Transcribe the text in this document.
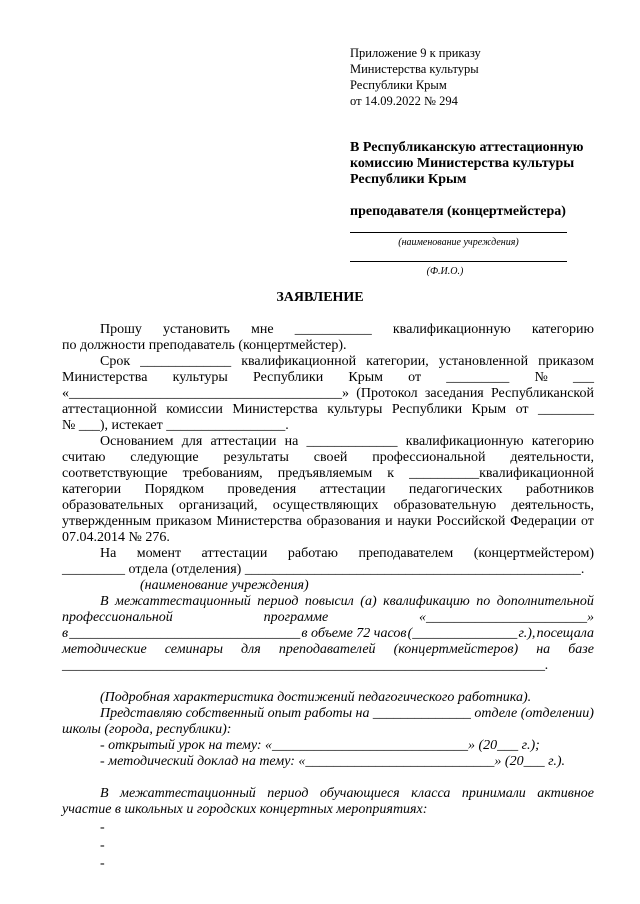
Приложение 9 к приказу
Министерства культуры
Республики Крым
от 14.09.2022 № 294
В Республиканскую аттестационную
комиссию Министерства культуры
Республики Крым
преподавателя (концертмейстера)
(наименование учреждения)
(Ф.И.О.)
ЗАЯВЛЕНИЕ
Прошу установить мне ___________ квалификационную категорию
по должности преподаватель (концертмейстер).
Срок _____________ квалификационной категории, установленной приказом
Министерства культуры Республики Крым от _________ № ___
«_______________________________________» (Протокол заседания Республиканской
аттестационной комиссии Министерства культуры Республики Крым от ________
№ ___), истекает _________________.
Основанием для аттестации на _____________ квалификационную категорию
считаю следующие результаты своей профессиональной деятельности,
соответствующие требованиям, предъявляемым к __________квалификационной
категории Порядком проведения аттестации педагогических работников
образовательных организаций, осуществляющих образовательную деятельность,
утвержденным приказом Министерства образования и науки Российской Федерации от
07.04.2014 № 276.
На момент аттестации работаю преподавателем (концертмейстером)
_________ отдела (отделения) ________________________________________________.
(наименование учреждения)
В межаттестационный период повысил (а) квалификацию по дополнительной
профессиональной	программе	«_______________________»
в _________________________________ в объеме 72 часов (_______________ г.), посещала
методические семинары для преподавателей (концертмейстеров) на базе
_____________________________________________________________________.
(Подробная характеристика достижений педагогического работника).
Представляю собственный опыт работы на ______________ отделе (отделении)
школы (города, республики):
- открытый урок на тему: «____________________________» (20___ г.);
- методический доклад на тему: «___________________________» (20___ г.).
В межаттестационный период обучающиеся класса принимали активное
участие в школьных и городских концертных мероприятиях:
-
-
-
